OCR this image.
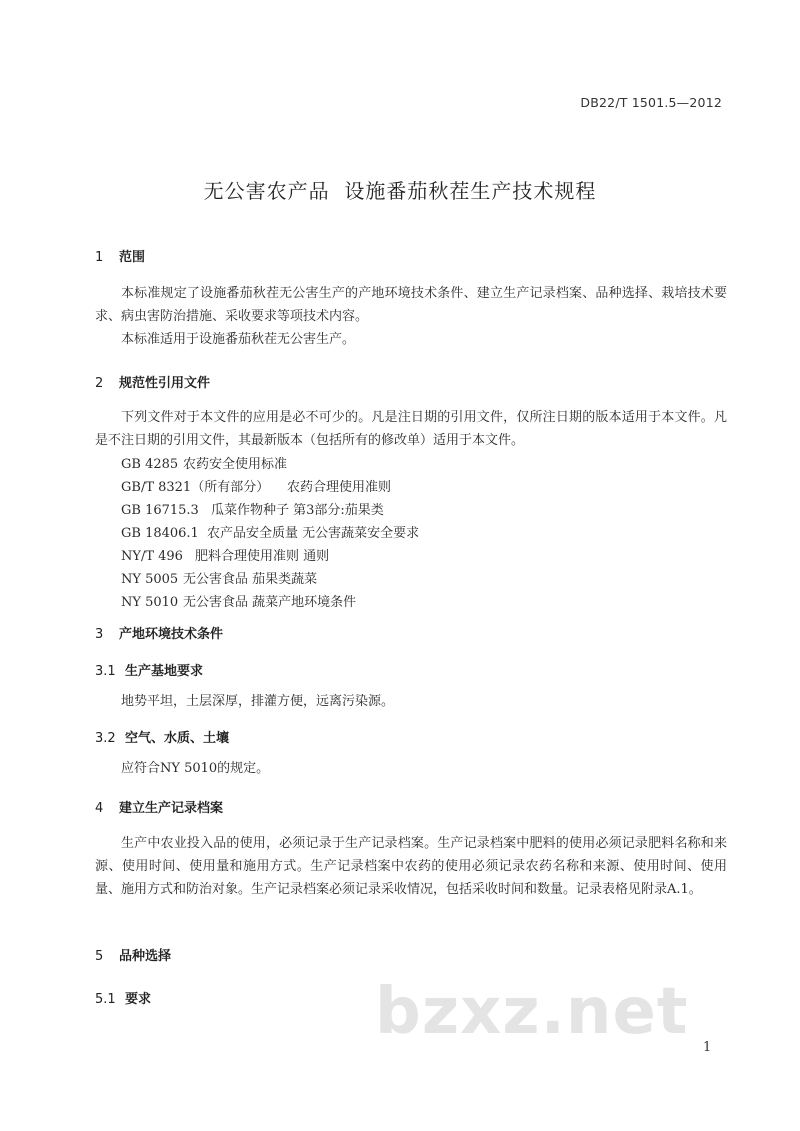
DB22/T 1501.5—2012
无公害农产品  设施番茄秋茬生产技术规程
1 范围
本标准规定了设施番茄秋茬无公害生产的产地环境技术条件、建立生产记录档案、品种选择、栽培技术要求、病虫害防治措施、采收要求等项技术内容。
本标准适用于设施番茄秋茬无公害生产。
2 规范性引用文件
下列文件对于本文件的应用是必不可少的。凡是注日期的引用文件，仅所注日期的版本适用于本文件。凡是不注日期的引用文件，其最新版本（包括所有的修改单）适用于本文件。
GB 4285 农药安全使用标准
GB/T 8321（所有部分） 农药合理使用准则
GB 16715.3 瓜菜作物种子 第3部分:茄果类
GB 18406.1 农产品安全质量 无公害蔬菜安全要求
NY/T 496 肥料合理使用准则 通则
NY 5005 无公害食品 茄果类蔬菜
NY 5010 无公害食品 蔬菜产地环境条件
3 产地环境技术条件
3.1 生产基地要求
地势平坦，土层深厚，排灌方便，远离污染源。
3.2 空气、水质、土壤
应符合NY 5010的规定。
4 建立生产记录档案
生产中农业投入品的使用，必须记录于生产记录档案。生产记录档案中肥料的使用必须记录肥料名称和来源、使用时间、使用量和施用方式。生产记录档案中农药的使用必须记录农药名称和来源、使用时间、使用量、施用方式和防治对象。生产记录档案必须记录采收情况，包括采收时间和数量。记录表格见附录A.1。
5 品种选择
5.1 要求	bzxz.net 1
